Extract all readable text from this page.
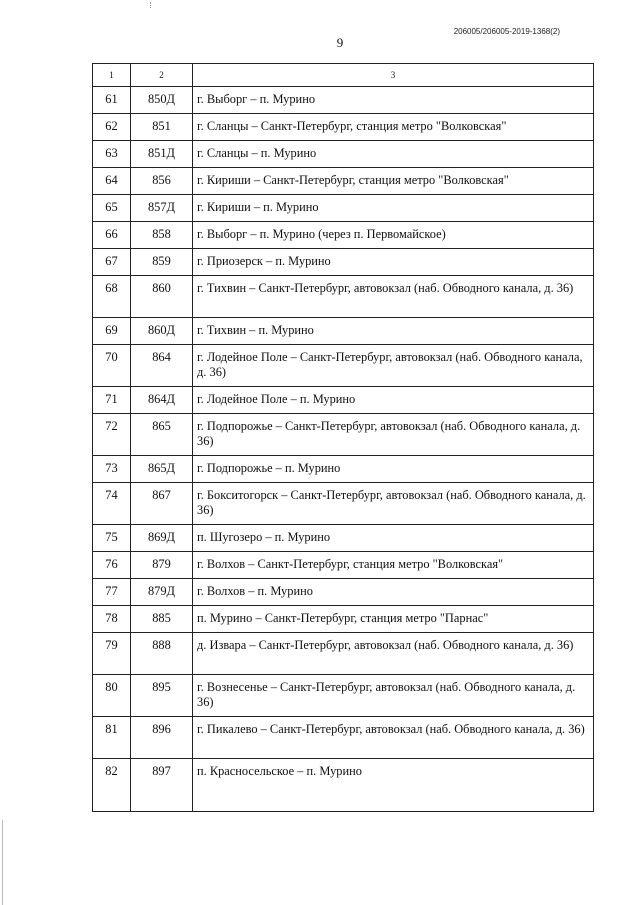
206005/206005-2019-1368(2)
9
1	2	3
61	850Д	г. Выборг – п. Мурино
62	851	г. Сланцы – Санкт-Петербург, станция метро "Волковская"
63	851Д	г. Сланцы – п. Мурино
64	856	г. Кириши – Санкт-Петербург, станция метро "Волковская"
65	857Д	г. Кириши – п. Мурино
66	858	г. Выборг – п. Мурино (через п. Первомайское)
67	859	г. Приозерск – п. Мурино
68	860	г. Тихвин – Санкт-Петербург, автовокзал (наб. Обводного канала, д. 36)
69	860Д	г. Тихвин – п. Мурино
70	864	г. Лодейное Поле – Санкт-Петербург, автовокзал (наб. Обводного канала, д. 36)
71	864Д	г. Лодейное Поле – п. Мурино
72	865	г. Подпорожье – Санкт-Петербург, автовокзал (наб. Обводного канала, д. 36)
73	865Д	г. Подпорожье – п. Мурино
74	867	г. Бокситогорск – Санкт-Петербург, автовокзал (наб. Обводного канала, д. 36)
75	869Д	п. Шугозеро – п. Мурино
76	879	г. Волхов – Санкт-Петербург, станция метро "Волковская"
77	879Д	г. Волхов – п. Мурино
78	885	п. Мурино – Санкт-Петербург, станция метро "Парнас"
79	888	д. Извара – Санкт-Петербург, автовокзал (наб. Обводного канала, д. 36)
80	895	г. Вознесенье – Санкт-Петербург, автовокзал (наб. Обводного канала, д. 36)
81	896	г. Пикалево – Санкт-Петербург, автовокзал (наб. Обводного канала, д. 36)
82	897	п. Красносельское – п. Мурино
